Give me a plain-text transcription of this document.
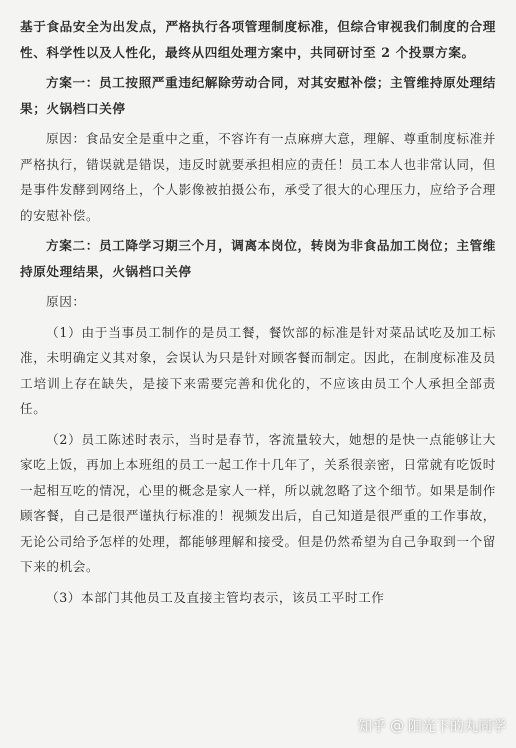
基于食品安全为出发点，严格执行各项管理制度标准，但综合审视我们制度的合理性、科学性以及人性化，最终从四组处理方案中，共同研讨至 2 个投票方案。

方案一：员工按照严重违纪解除劳动合同，对其安慰补偿；主管维持原处理结果；火锅档口关停

原因：食品安全是重中之重，不容许有一点麻痹大意，理解、尊重制度标准并严格执行，错误就是错误，违反时就要承担相应的责任！员工本人也非常认同，但是事件发酵到网络上，个人影像被拍摄公布，承受了很大的心理压力，应给予合理的安慰补偿。

方案二：员工降学习期三个月，调离本岗位，转岗为非食品加工岗位；主管维持原处理结果，火锅档口关停

原因：

（1）由于当事员工制作的是员工餐，餐饮部的标准是针对菜品试吃及加工标准，未明确定义其对象，会误认为只是针对顾客餐而制定。因此，在制度标准及员工培训上存在缺失，是接下来需要完善和优化的，不应该由员工个人承担全部责任。

（2）员工陈述时表示，当时是春节，客流量较大，她想的是快一点能够让大家吃上饭，再加上本班组的员工一起工作十几年了，关系很亲密，日常就有吃饭时一起相互吃的情况，心里的概念是家人一样，所以就忽略了这个细节。如果是制作顾客餐，自己是很严谨执行标准的！视频发出后，自己知道是很严重的工作事故，无论公司给予怎样的处理，都能够理解和接受。但是仍然希望为自己争取到一个留下来的机会。

（3）本部门其他员工及直接主管均表示，该员工平时工作

知乎 @ 阳光下的丸同学
